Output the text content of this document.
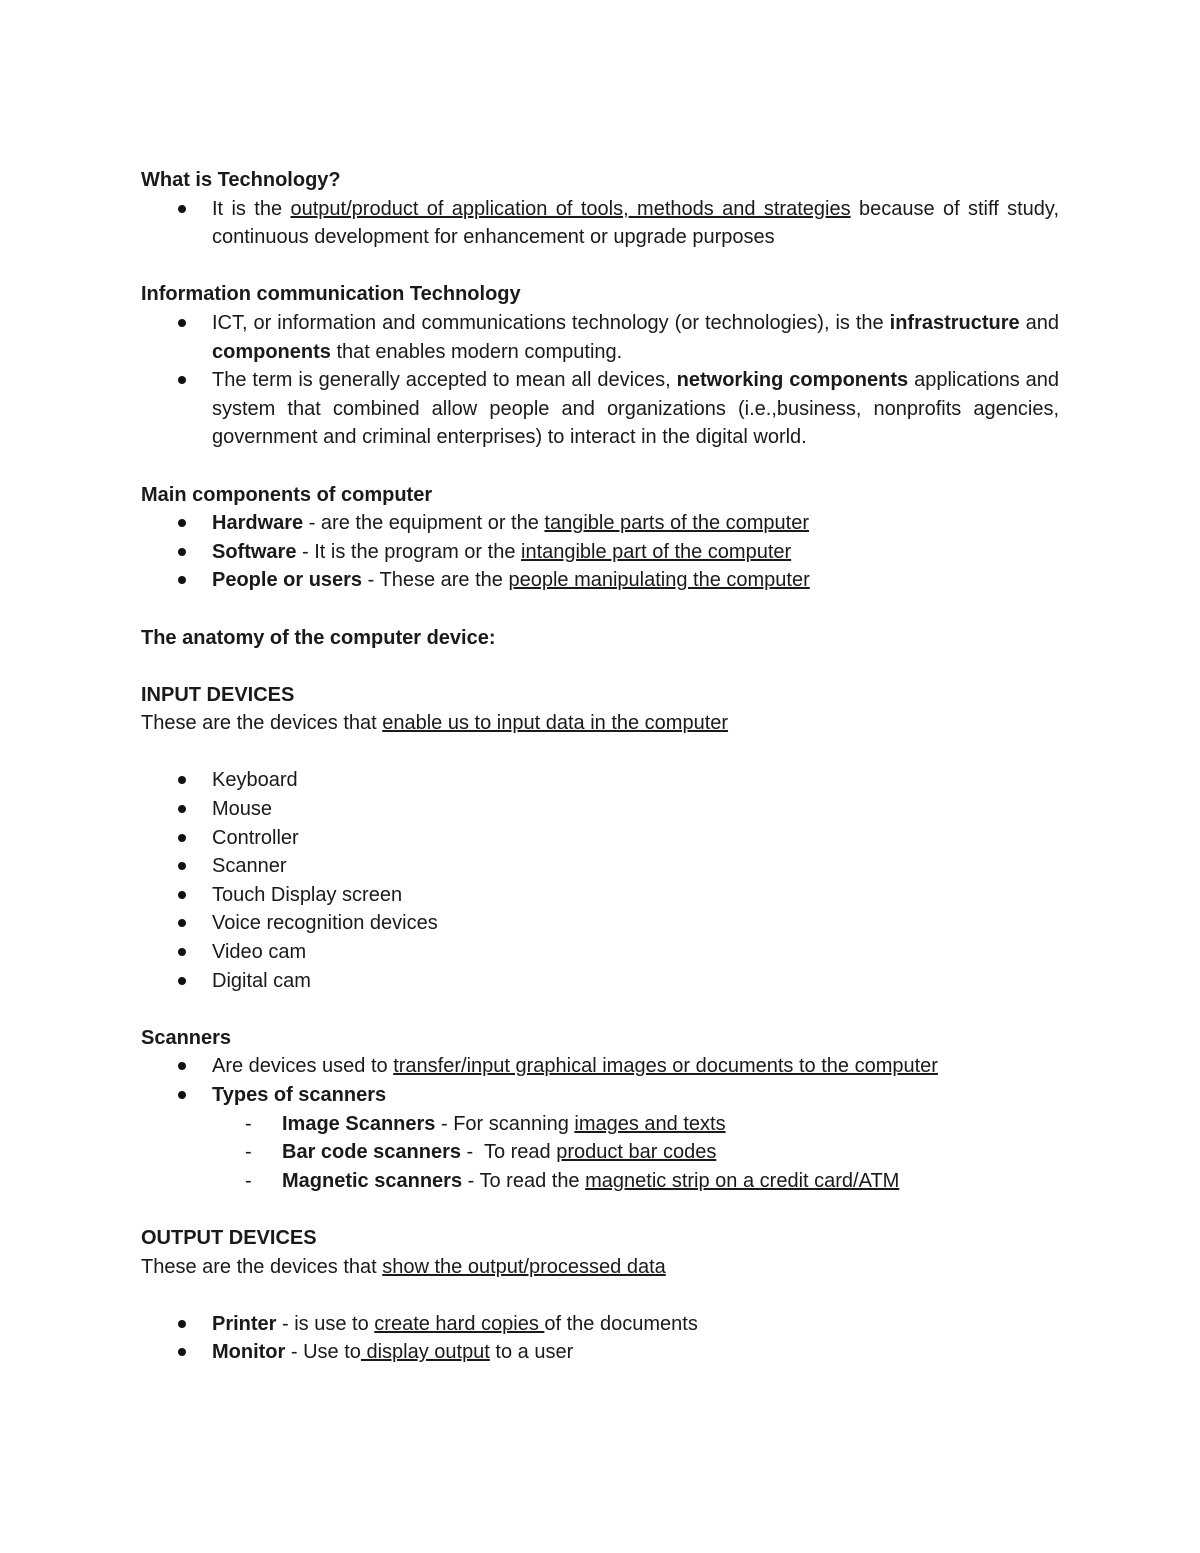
What is Technology?

It is the output/product of application of tools, methods and strategies because of stiff study, continuous development for enhancement or upgrade purposes

Information communication Technology

ICT, or information and communications technology (or technologies), is the infrastructure and components that enables modern computing.
The term is generally accepted to mean all devices, networking components applications and system that combined allow people and organizations (i.e.,business, nonprofits agencies, government and criminal enterprises) to interact in the digital world.

Main components of computer

Hardware - are the equipment or the tangible parts of the computer
Software - It is the program or the intangible part of the computer
People or users - These are the people manipulating the computer

The anatomy of the computer device:

INPUT DEVICES

These are the devices that enable us to input data in the computer

Keyboard
Mouse
Controller
Scanner
Touch Display screen
Voice recognition devices
Video cam
Digital cam

Scanners

Are devices used to transfer/input graphical images or documents to the computer
Types of scanners
- Image Scanners - For scanning images and texts
- Bar code scanners -  To read product bar codes
- Magnetic scanners - To read the magnetic strip on a credit card/ATM

OUTPUT DEVICES

These are the devices that show the output/processed data

Printer - is use to create hard copies of the documents
Monitor - Use to display output to a user
